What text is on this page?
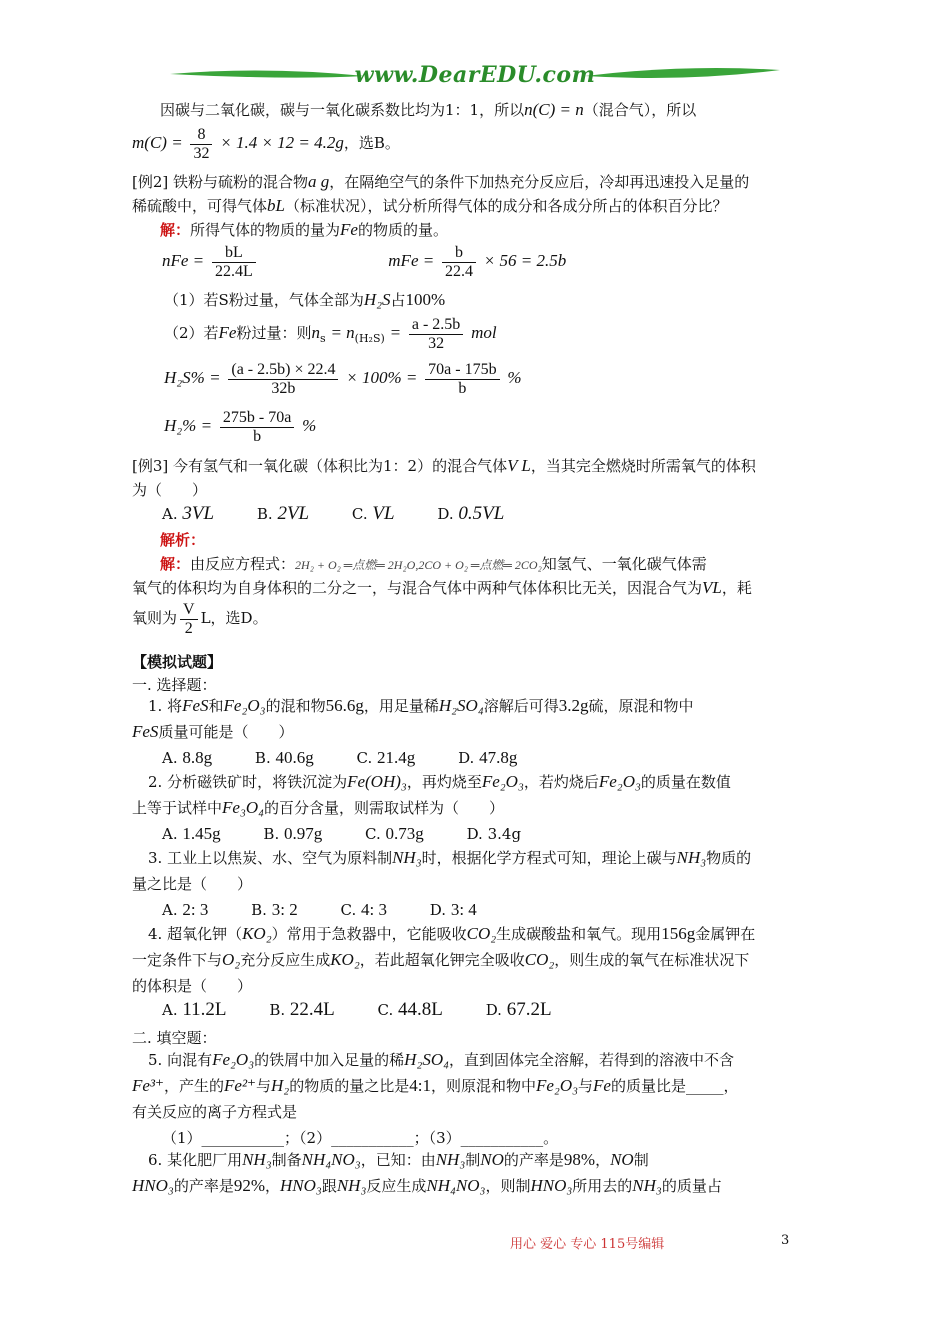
www.DearEDU.com
因碳与二氧化碳，碳与一氧化碳系数比均为1：1，所以n(C) = n（混合气），所以
$m(C) = \frac{8}{32} \times 1.4 \times 12 = 4.2g$，选B。
[例2] 铁粉与硫粉的混合物a g，在隔绝空气的条件下加热充分反应后，冷却再迅速投入足量的
稀硫酸中，可得气体bL（标准状况），试分析所得气体的成分和各成分所占的体积百分比？
解：所得气体的物质的量为Fe的物质的量。
nFe = $\frac{bL}{22.4L}$	mFe = $\frac{b}{22.4} \times 56 = 2.5b$
（1）若S粉过量，气体全部为H₂S占100%
（2）若Fe粉过量：则$n_s = n_{(H_2S)} = \frac{a - 2.5b}{32}$ mol
$H_2S\% = \frac{(a - 2.5b) \times 22.4}{32b} \times 100\% = \frac{70a - 175b}{b}$ %
$H_2\% = \frac{275b - 70a}{b}$ %
[例3] 今有氢气和一氧化碳（体积比为1：2）的混合气体V L，当其完全燃烧时所需氧气的体积
为（　　）
A. 3VL	B. 2VL	C. VL	D. 0.5VL
解析：
解：由反应方程式：2H₂ + O₂ ═点燃═ 2H₂O,2CO + O₂ ═点燃═ 2CO₂知氢气、一氧化碳气体需
氧气的体积均为自身体积的二分之一，与混合气体中两种气体体积比无关，因混合气为VL，耗
氧则为 $\frac{V}{2}$ L，选D。
【模拟试题】
一. 选择题：
1. 将FeS和Fe₂O₃的混和物56.6g，用足量稀H₂SO₄溶解后可得3.2g硫，原混和物中
FeS质量可能是（　　）
A. 8.8g	B. 40.6g	C. 21.4g	D. 47.8g
2. 分析磁铁矿时，将铁沉淀为Fe(OH)₃，再灼烧至Fe₂O₃，若灼烧后Fe₂O₃的质量在数值
上等于试样中Fe₃O₄的百分含量，则需取试样为（　　）
A. 1.45g	B. 0.97g	C. 0.73g	D. 3.4g
3. 工业上以焦炭、水、空气为原料制NH₃时，根据化学方程式可知，理论上碳与NH₃物质的
量之比是（　　）
A. 2: 3	B. 3: 2	C. 4: 3	D. 3: 4
4. 超氧化钾（KO₂）常用于急救器中，它能吸收CO₂生成碳酸盐和氧气。现用156g金属钾在
一定条件下与O₂充分反应生成KO₂，若此超氧化钾完全吸收CO₂，则生成的氧气在标准状况下
的体积是（　　）
A. 11.2L	B. 22.4L	C. 44.8L	D. 67.2L
二. 填空题：
5. 向混有Fe₂O₃的铁屑中加入足量的稀H₂SO₄，直到固体完全溶解，若得到的溶液中不含
Fe³⁺，产生的Fe²⁺与H₂的物质的量之比是4:1，则原混和物中Fe₂O₃与Fe的质量比是_____，
有关反应的离子方程式是
（1）___________；（2）___________；（3）___________。
6. 某化肥厂用NH₃制备NH₄NO₃，已知：由NH₃制NO的产率是98%，NO制
HNO₃的产率是92%，HNO₃跟NH₃反应生成NH₄NO₃，则制HNO₃所用去的NH₃的质量占
用心 爱心 专心 115号编辑	3
